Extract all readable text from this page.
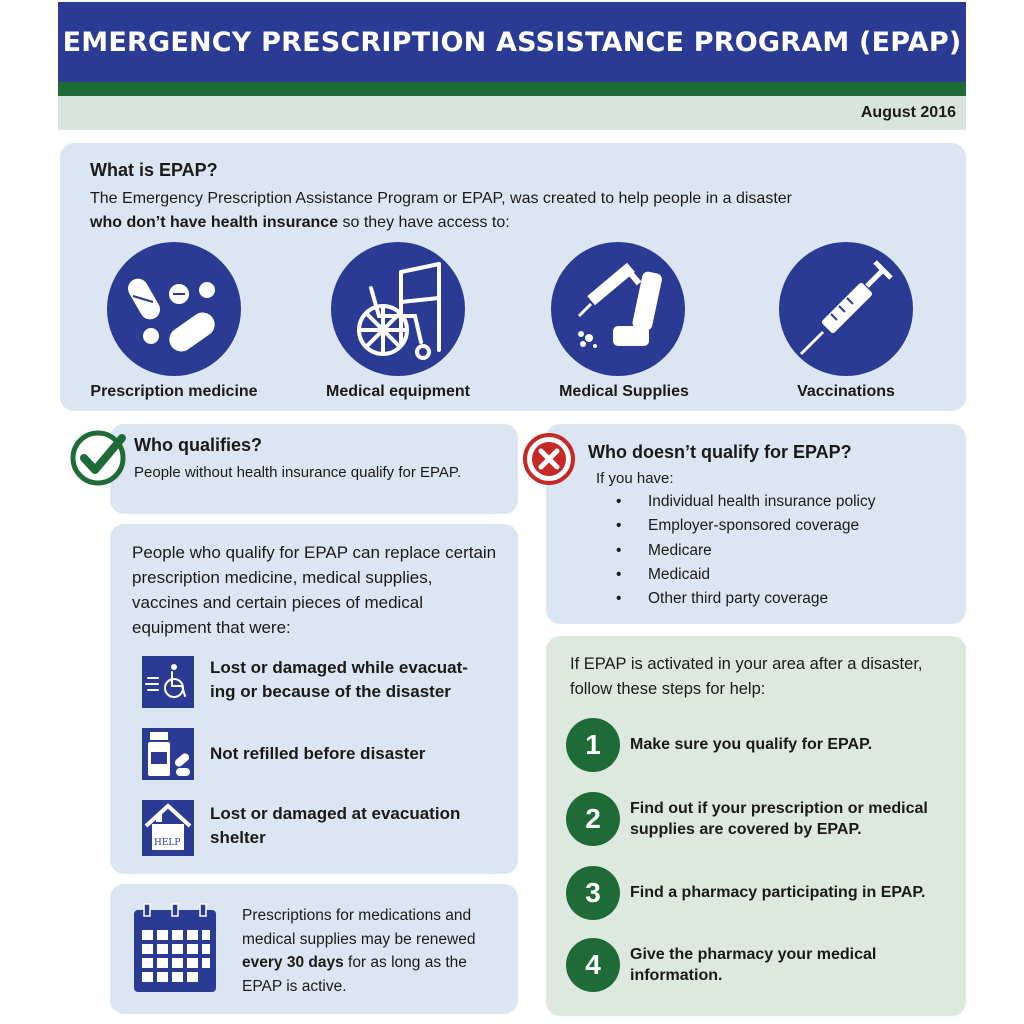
EMERGENCY PRESCRIPTION ASSISTANCE PROGRAM (EPAP)
August 2016
What is EPAP?
The Emergency Prescription Assistance Program or EPAP, was created to help people in a disaster
who don’t have health insurance so they have access to:
Prescription medicine	Medical equipment	Medical Supplies	Vaccinations
Who qualifies?
People without health insurance qualify for EPAP.
Who doesn’t qualify for EPAP?
If you have:
• Individual health insurance policy
• Employer-sponsored coverage
• Medicare
• Medicaid
• Other third party coverage
People who qualify for EPAP can replace certain prescription medicine, medical supplies, vaccines and certain pieces of medical equipment that were:
Lost or damaged while evacuat-
ing or because of the disaster
Not refilled before disaster
HELP
Lost or damaged at evacuation
shelter
Prescriptions for medications and medical supplies may be renewed every 30 days for as long as the EPAP is active.
If EPAP is activated in your area after a disaster, follow these steps for help:
1	Make sure you qualify for EPAP.
2	Find out if your prescription or medical supplies are covered by EPAP.
3	Find a pharmacy participating in EPAP.
4	Give the pharmacy your medical information.
